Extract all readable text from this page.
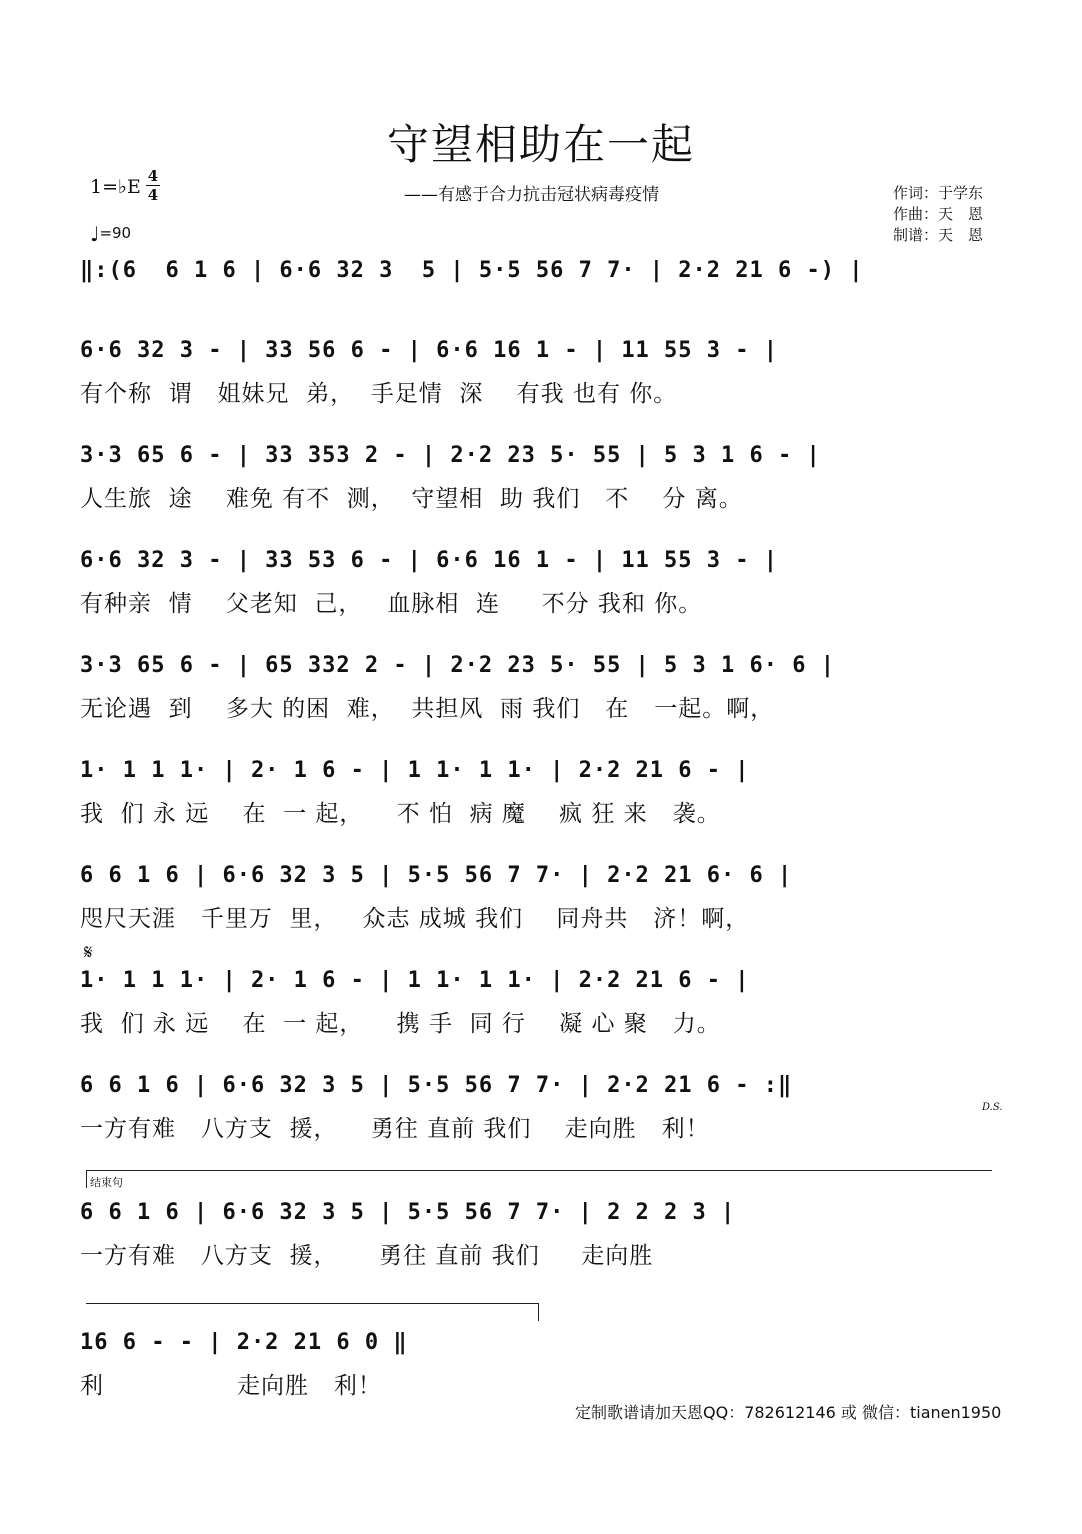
守望相助在一起
——有感于合力抗击冠状病毒疫情	作词：于学东
作曲：天　恩
制谱：天　恩
1=♭E 4
4
♩=90
‖:(6  6 1 6 | 6·6 32 3  5 | 5·5 56 7 7· | 2·2 21 6 -) |
6·6 32 3 - | 33 56 6 - | 6·6 16 1 - | 11 55 3 - |
有个称  谓   姐妹兄  弟，  手足情  深    有我 也有 你。
3·3 65 6 - | 33 353 2 - | 2·2 23 5· 55 | 5 3 1 6 - |
人生旅  途    难免 有不  测，  守望相  助 我们   不    分 离。
6·6 32 3 - | 33 53 6 - | 6·6 16 1 - | 11 55 3 - |
有种亲  情    父老知  己，   血脉相  连     不分 我和 你。
3·3 65 6 - | 65 332 2 - | 2·2 23 5· 55 | 5 3 1 6· 6 |
无论遇  到    多大 的困  难，  共担风  雨 我们   在   一起。啊，
1· 1 1 1· | 2· 1 6 - | 1 1· 1 1· | 2·2 21 6 - |
我  们 永 远    在  一 起，    不 怕  病 魔    疯 狂 来   袭。
6 6 1 6 | 6·6 32 3 5 | 5·5 56 7 7· | 2·2 21 6· 6 |
咫尺天涯   千里万  里，   众志 成城 我们    同舟共   济！啊，
𝄋
1· 1 1 1· | 2· 1 6 - | 1 1· 1 1· | 2·2 21 6 - |
我  们 永 远    在  一 起，    携 手  同 行    凝 心 聚   力。
6 6 1 6 | 6·6 32 3 5 | 5·5 56 7 7· | 2·2 21 6 - :‖
D.S.
一方有难   八方支  援，    勇往 直前 我们    走向胜   利！
结束句
6 6 1 6 | 6·6 32 3 5 | 5·5 56 7 7· | 2 2 2 3 |
一方有难   八方支  援，     勇往 直前 我们     走向胜
16 6 - - | 2·2 21 6 0 ‖
利                走向胜   利！
定制歌谱请加天恩QQ：782612146 或 微信：tianen1950
